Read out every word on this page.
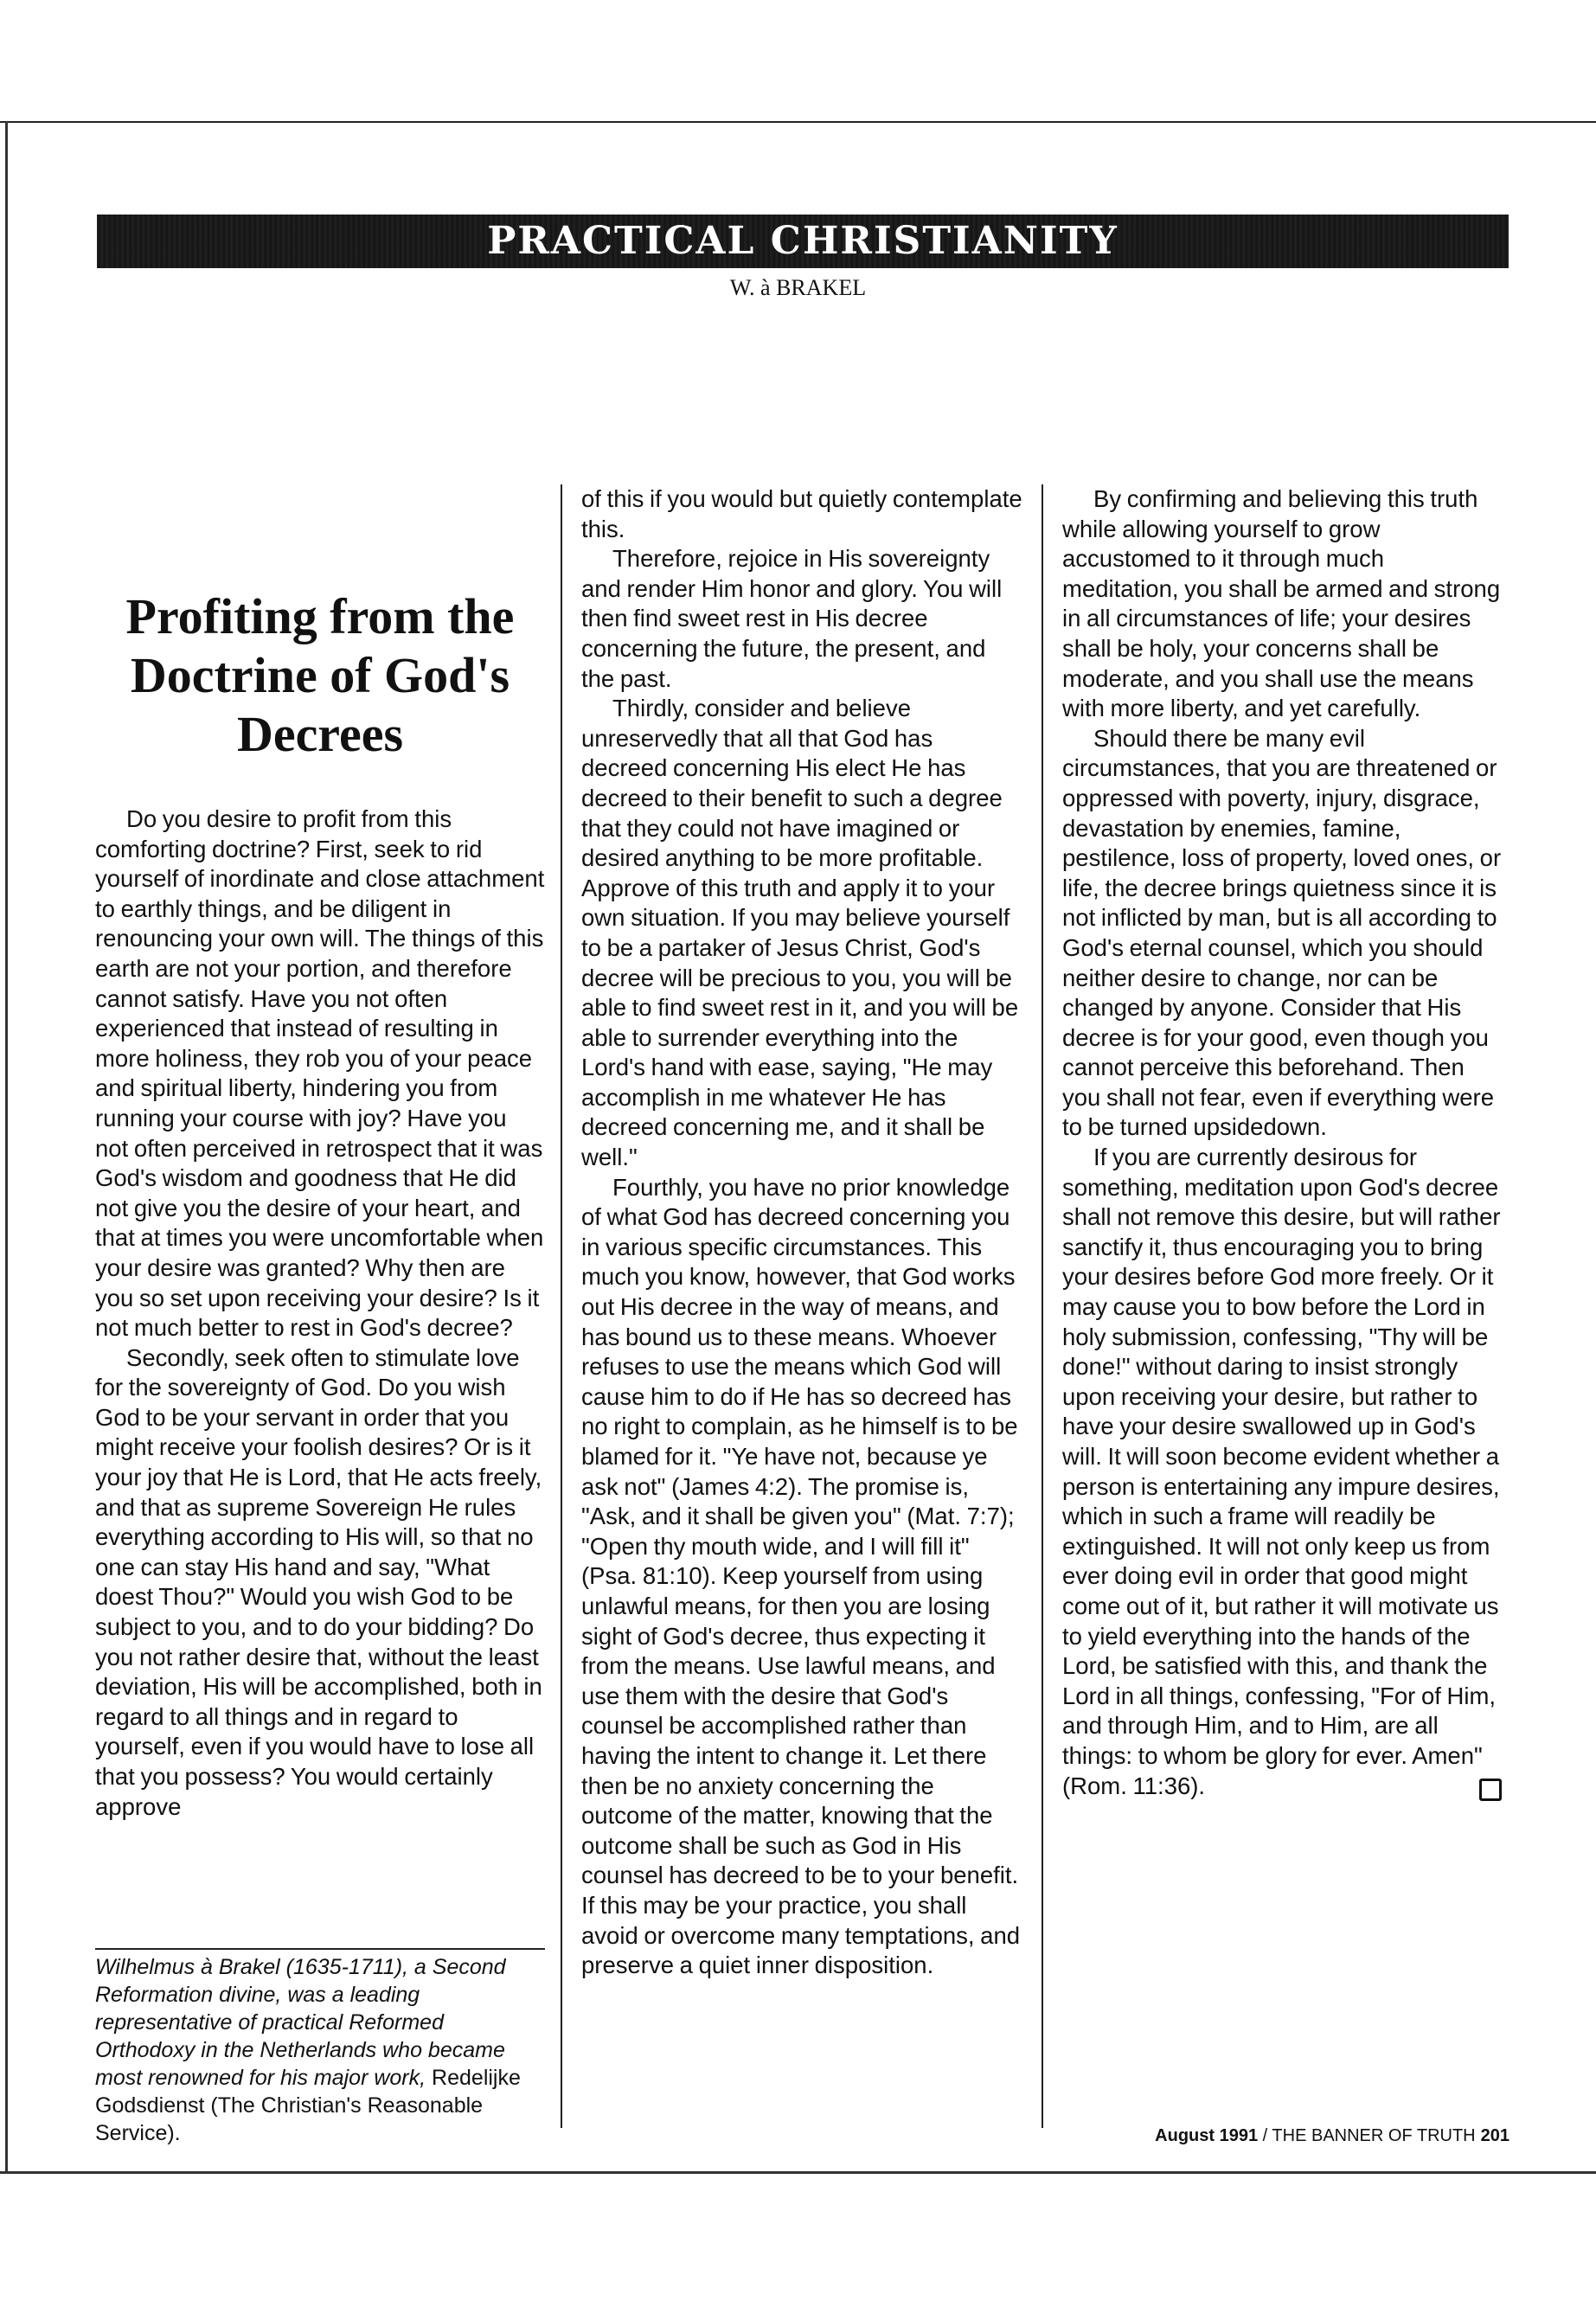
PRACTICAL CHRISTIANITY
W. à BRAKEL
Profiting from the
Doctrine of God's
Decrees

Do you desire to profit from this comforting doctrine? First, seek to rid yourself of inordinate and close attachment to earthly things, and be diligent in renouncing your own will. The things of this earth are not your portion, and therefore cannot satisfy. Have you not often experienced that instead of resulting in more holiness, they rob you of your peace and spiritual liberty, hindering you from running your course with joy? Have you not often perceived in retrospect that it was God's wisdom and goodness that He did not give you the desire of your heart, and that at times you were uncomfortable when your desire was granted? Why then are you so set upon receiving your desire? Is it not much better to rest in God's decree?

Secondly, seek often to stimulate love for the sovereignty of God. Do you wish God to be your servant in order that you might receive your foolish desires? Or is it your joy that He is Lord, that He acts freely, and that as supreme Sovereign He rules everything according to His will, so that no one can stay His hand and say, "What doest Thou?" Would you wish God to be subject to you, and to do your bidding? Do you not rather desire that, without the least deviation, His will be accomplished, both in regard to all things and in regard to yourself, even if you would have to lose all that you possess? You would certainly approve

Wilhelmus à Brakel (1635-1711), a Second Reformation divine, was a leading representative of practical Reformed Orthodoxy in the Netherlands who became most renowned for his major work, Redelijke Godsdienst (The Christian's Reasonable Service).

of this if you would but quietly contemplate this.

Therefore, rejoice in His sovereignty and render Him honor and glory. You will then find sweet rest in His decree concerning the future, the present, and the past.

Thirdly, consider and believe unreservedly that all that God has decreed concerning His elect He has decreed to their benefit to such a degree that they could not have imagined or desired anything to be more profitable. Approve of this truth and apply it to your own situation. If you may believe yourself to be a partaker of Jesus Christ, God's decree will be precious to you, you will be able to find sweet rest in it, and you will be able to surrender everything into the Lord's hand with ease, saying, "He may accomplish in me whatever He has decreed concerning me, and it shall be well."

Fourthly, you have no prior knowledge of what God has decreed concerning you in various specific circumstances. This much you know, however, that God works out His decree in the way of means, and has bound us to these means. Whoever refuses to use the means which God will cause him to do if He has so decreed has no right to complain, as he himself is to be blamed for it. "Ye have not, because ye ask not" (James 4:2). The promise is, "Ask, and it shall be given you" (Mat. 7:7); "Open thy mouth wide, and I will fill it" (Psa. 81:10). Keep yourself from using unlawful means, for then you are losing sight of God's decree, thus expecting it from the means. Use lawful means, and use them with the desire that God's counsel be accomplished rather than having the intent to change it. Let there then be no anxiety concerning the outcome of the matter, knowing that the outcome shall be such as God in His counsel has decreed to be to your benefit. If this may be your practice, you shall avoid or overcome many temptations, and preserve a quiet inner disposition.

By confirming and believing this truth while allowing yourself to grow accustomed to it through much meditation, you shall be armed and strong in all circumstances of life; your desires shall be holy, your concerns shall be moderate, and you shall use the means with more liberty, and yet carefully.

Should there be many evil circumstances, that you are threatened or oppressed with poverty, injury, disgrace, devastation by enemies, famine, pestilence, loss of property, loved ones, or life, the decree brings quietness since it is not inflicted by man, but is all according to God's eternal counsel, which you should neither desire to change, nor can be changed by anyone. Consider that His decree is for your good, even though you cannot perceive this beforehand. Then you shall not fear, even if everything were to be turned upsidedown.

If you are currently desirous for something, meditation upon God's decree shall not remove this desire, but will rather sanctify it, thus encouraging you to bring your desires before God more freely. Or it may cause you to bow before the Lord in holy submission, confessing, "Thy will be done!" without daring to insist strongly upon receiving your desire, but rather to have your desire swallowed up in God's will. It will soon become evident whether a person is entertaining any impure desires, which in such a frame will readily be extinguished. It will not only keep us from ever doing evil in order that good might come out of it, but rather it will motivate us to yield everything into the hands of the Lord, be satisfied with this, and thank the Lord in all things, confessing, "For of Him, and through Him, and to Him, are all things: to whom be glory for ever. Amen" (Rom. 11:36).

August 1991 / THE BANNER OF TRUTH 201
